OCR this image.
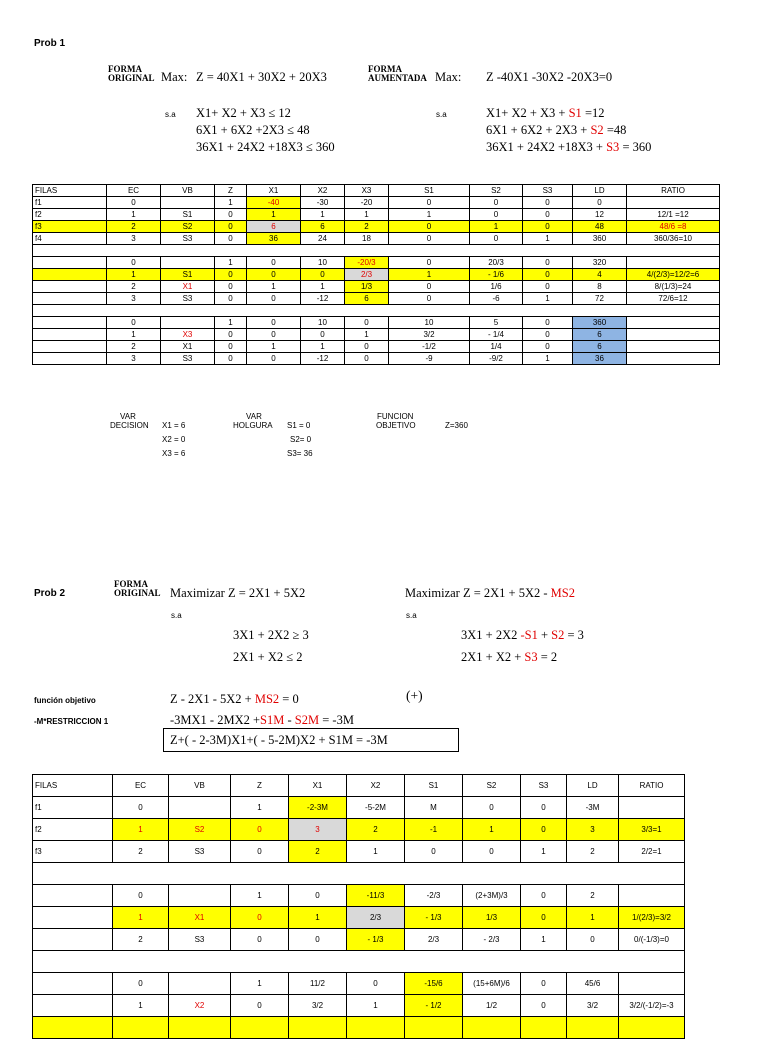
Prob 1
FORMA
ORIGINAL Max: Z = 40X1 + 30X2 + 20X3
FORMA
AUMENTADA Max: Z -40X1 -30X2 -20X3=0
s.a X1+ X2 + X3 ≤ 12
6X1 + 6X2 +2X3 ≤ 48
36X1 + 24X2 +18X3 ≤ 360
s.a	X1+ X2 + X3 + S1 =12
6X1 + 6X2 + 2X3 + S2 =48
36X1 + 24X2 +18X3 + S3 = 360
FILAS	EC	VB	Z	X1	X2	X3	S1	S2	S3	LD	RATIO
f1	0		1	-40	-30	-20	0	0	0	0	
f2	1	S1	0	1	1	1	1	0	0	12	12/1 =12
f3	2	S2	0	6	6	2	0	1	0	48	48/6 =8
f4	3	S3	0	36	24	18	0	0	1	360	360/36=10

	0		1	0	10	-20/3	0	20/3	0	320	
	1	S1	0	0	0	2/3	1	- 1/6	0	4	4/(2/3)=12/2=6
	2	X1	0	1	1	1/3	0	1/6	0	8	8/(1/3)=24
	3	S3	0	0	-12	6	0	-6	1	72	72/6=12

	0		1	0	10	0	10	5	0	360	
	1	X3	0	0	0	1	3/2	- 1/4	0	6	
	2	X1	0	1	1	0	-1/2	1/4	0	6	
	3	S3	0	0	-12	0	-9	-9/2	1	36	
VAR
DECISION X1 = 6
X2 = 0
X3 = 6
VAR
HOLGURA S1 = 0
S2= 0
S3= 36
FUNCION
OBJETIVO	Z=360
Prob 2
FORMA
ORIGINAL Maximizar Z = 2X1 + 5X2	Maximizar Z = 2X1 + 5X2 - MS2
s.a	s.a
3X1 + 2X2 ≥ 3
2X1 + X2 ≤ 2
3X1 + 2X2 -S1 + S2 = 3
2X1 + X2 + S3 = 2
función objetivo	Z - 2X1 - 5X2 + MS2 = 0	(+)
-M*RESTRICCION 1	-3MX1 - 2MX2 +S1M - S2M = -3M
Z+( - 2-3M)X1+( - 5-2M)X2 + S1M = -3M
FILAS	EC	VB	Z	X1	X2	S1	S2	S3	LD	RATIO
f1	0		1	-2-3M	-5-2M	M	0	0	-3M	
f2	1	S2	0	3	2	-1	1	0	3	3/3=1
f3	2	S3	0	2	1	0	0	1	2	2/2=1

	0		1	0	-11/3	-2/3	(2+3M)/3	0	2	
	1	X1	0	1	2/3	- 1/3	1/3	0	1	1/(2/3)=3/2
	2	S3	0	0	- 1/3	2/3	- 2/3	1	0	0/(-1/3)=0

	0		1	11/2	0	-15/6	(15+6M)/6	0	45/6	
	1	X2	0	3/2	1	- 1/2	1/2	0	3/2	3/2/(-1/2)=-3
